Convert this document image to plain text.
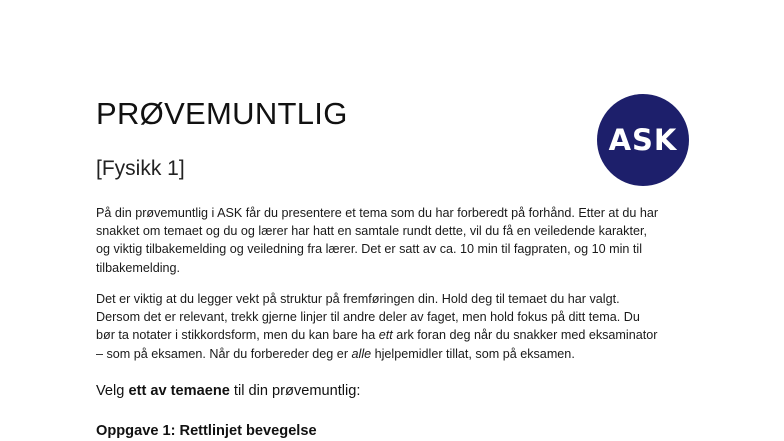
PRØVEMUNTLIG
[Fysikk 1]
ASK
På din prøvemuntlig i ASK får du presentere et tema som du har forberedt på forhånd. Etter at du har
snakket om temaet og du og lærer har hatt en samtale rundt dette, vil du få en veiledende karakter,
og viktig tilbakemelding og veiledning fra lærer. Det er satt av ca. 10 min til fagpraten, og 10 min til
tilbakemelding.
Det er viktig at du legger vekt på struktur på fremføringen din. Hold deg til temaet du har valgt.
Dersom det er relevant, trekk gjerne linjer til andre deler av faget, men hold fokus på ditt tema. Du
bør ta notater i stikkordsform, men du kan bare ha ett ark foran deg når du snakker med eksaminator
– som på eksamen. Når du forbereder deg er alle hjelpemidler tillat, som på eksamen.
Velg ett av temaene til din prøvemuntlig:
Oppgave 1: Rettlinjet bevegelse
